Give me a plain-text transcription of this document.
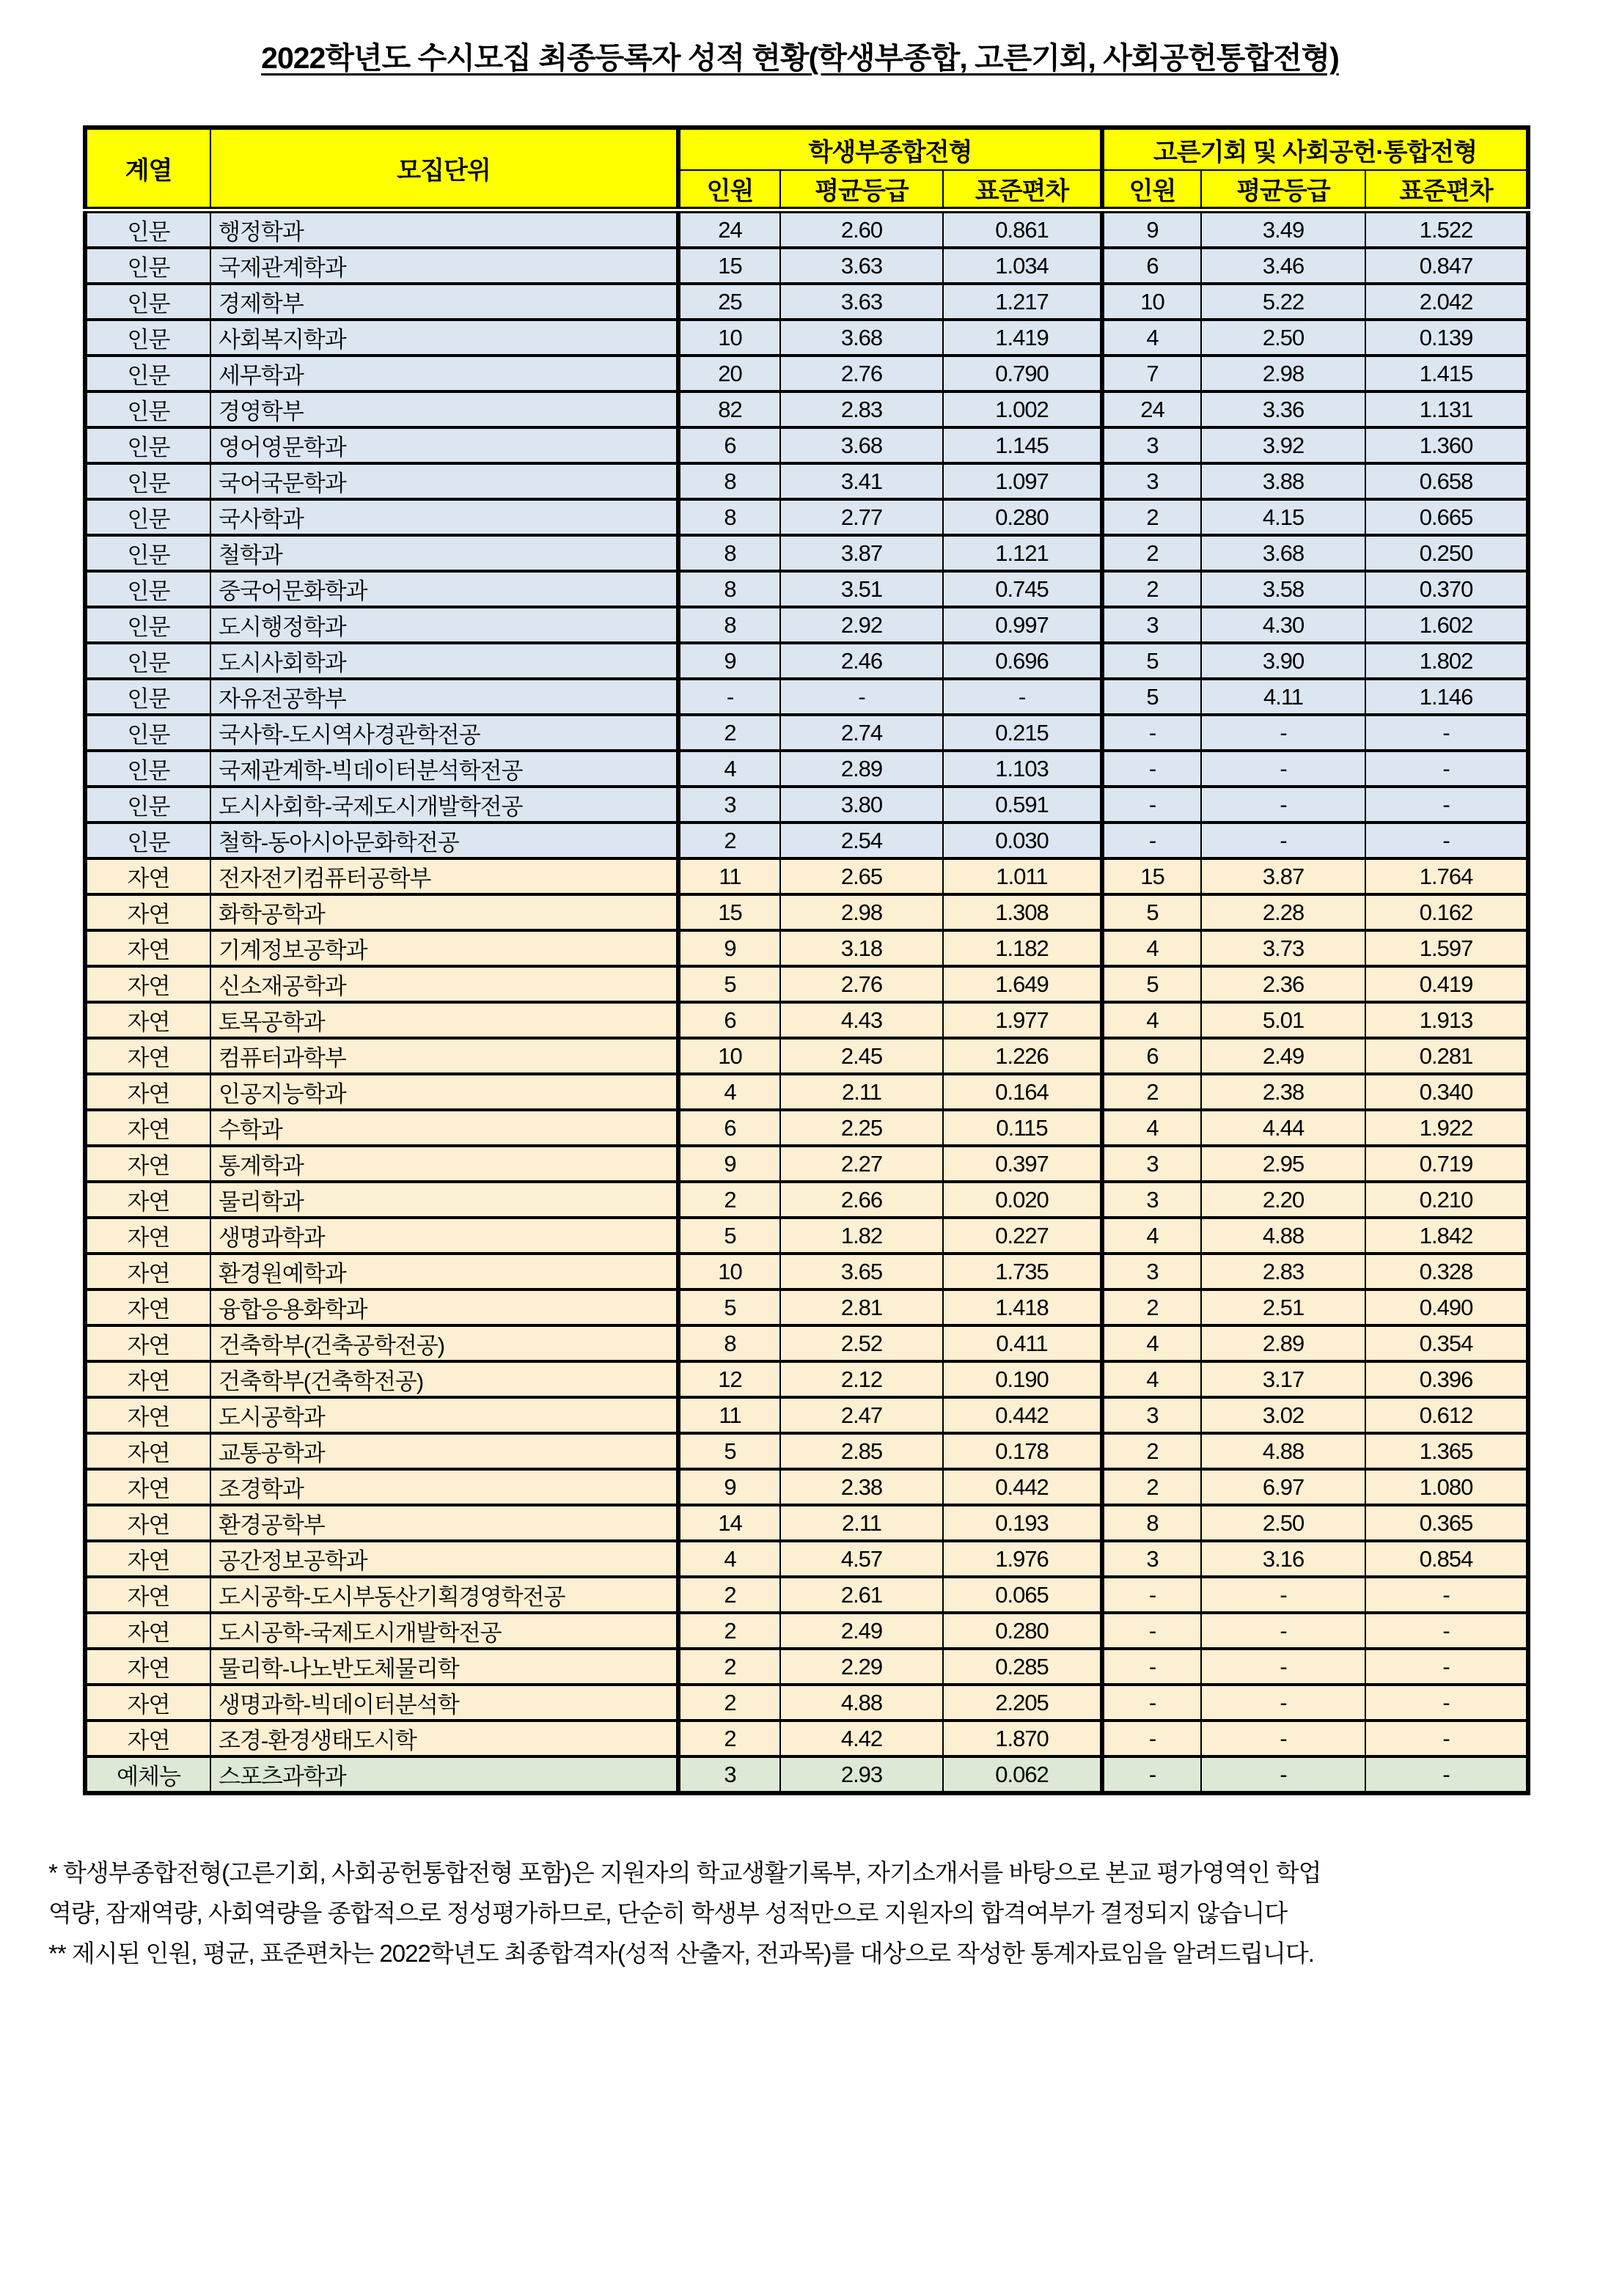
2022학년도 수시모집 최종등록자 성적 현황(학생부종합, 고른기회, 사회공헌통합전형)
계열	모집단위	학생부종합전형			고른기회 및 사회공헌·통합전형		
		인원	평균등급	표준편차	인원	평균등급	표준편차
인문	행정학과	24	2.60	0.861	9	3.49	1.522
인문	국제관계학과	15	3.63	1.034	6	3.46	0.847
인문	경제학부	25	3.63	1.217	10	5.22	2.042
인문	사회복지학과	10	3.68	1.419	4	2.50	0.139
인문	세무학과	20	2.76	0.790	7	2.98	1.415
인문	경영학부	82	2.83	1.002	24	3.36	1.131
인문	영어영문학과	6	3.68	1.145	3	3.92	1.360
인문	국어국문학과	8	3.41	1.097	3	3.88	0.658
인문	국사학과	8	2.77	0.280	2	4.15	0.665
인문	철학과	8	3.87	1.121	2	3.68	0.250
인문	중국어문화학과	8	3.51	0.745	2	3.58	0.370
인문	도시행정학과	8	2.92	0.997	3	4.30	1.602
인문	도시사회학과	9	2.46	0.696	5	3.90	1.802
인문	자유전공학부	-	-	-	5	4.11	1.146
인문	국사학-도시역사경관학전공	2	2.74	0.215	-	-	-
인문	국제관계학-빅데이터분석학전공	4	2.89	1.103	-	-	-
인문	도시사회학-국제도시개발학전공	3	3.80	0.591	-	-	-
인문	철학-동아시아문화학전공	2	2.54	0.030	-	-	-
자연	전자전기컴퓨터공학부	11	2.65	1.011	15	3.87	1.764
자연	화학공학과	15	2.98	1.308	5	2.28	0.162
자연	기계정보공학과	9	3.18	1.182	4	3.73	1.597
자연	신소재공학과	5	2.76	1.649	5	2.36	0.419
자연	토목공학과	6	4.43	1.977	4	5.01	1.913
자연	컴퓨터과학부	10	2.45	1.226	6	2.49	0.281
자연	인공지능학과	4	2.11	0.164	2	2.38	0.340
자연	수학과	6	2.25	0.115	4	4.44	1.922
자연	통계학과	9	2.27	0.397	3	2.95	0.719
자연	물리학과	2	2.66	0.020	3	2.20	0.210
자연	생명과학과	5	1.82	0.227	4	4.88	1.842
자연	환경원예학과	10	3.65	1.735	3	2.83	0.328
자연	융합응용화학과	5	2.81	1.418	2	2.51	0.490
자연	건축학부(건축공학전공)	8	2.52	0.411	4	2.89	0.354
자연	건축학부(건축학전공)	12	2.12	0.190	4	3.17	0.396
자연	도시공학과	11	2.47	0.442	3	3.02	0.612
자연	교통공학과	5	2.85	0.178	2	4.88	1.365
자연	조경학과	9	2.38	0.442	2	6.97	1.080
자연	환경공학부	14	2.11	0.193	8	2.50	0.365
자연	공간정보공학과	4	4.57	1.976	3	3.16	0.854
자연	도시공학-도시부동산기획경영학전공	2	2.61	0.065	-	-	-
자연	도시공학-국제도시개발학전공	2	2.49	0.280	-	-	-
자연	물리학-나노반도체물리학	2	2.29	0.285	-	-	-
자연	생명과학-빅데이터분석학	2	4.88	2.205	-	-	-
자연	조경-환경생태도시학	2	4.42	1.870	-	-	-
예체능	스포츠과학과	3	2.93	0.062	-	-	-
* 학생부종합전형(고른기회, 사회공헌통합전형 포함)은 지원자의 학교생활기록부, 자기소개서를 바탕으로 본교 평가영역인 학업
역량, 잠재역량, 사회역량을 종합적으로 정성평가하므로, 단순히 학생부 성적만으로 지원자의 합격여부가 결정되지 않습니다
** 제시된 인원, 평균, 표준편차는 2022학년도 최종합격자(성적 산출자, 전과목)를 대상으로 작성한 통계자료임을 알려드립니다.
